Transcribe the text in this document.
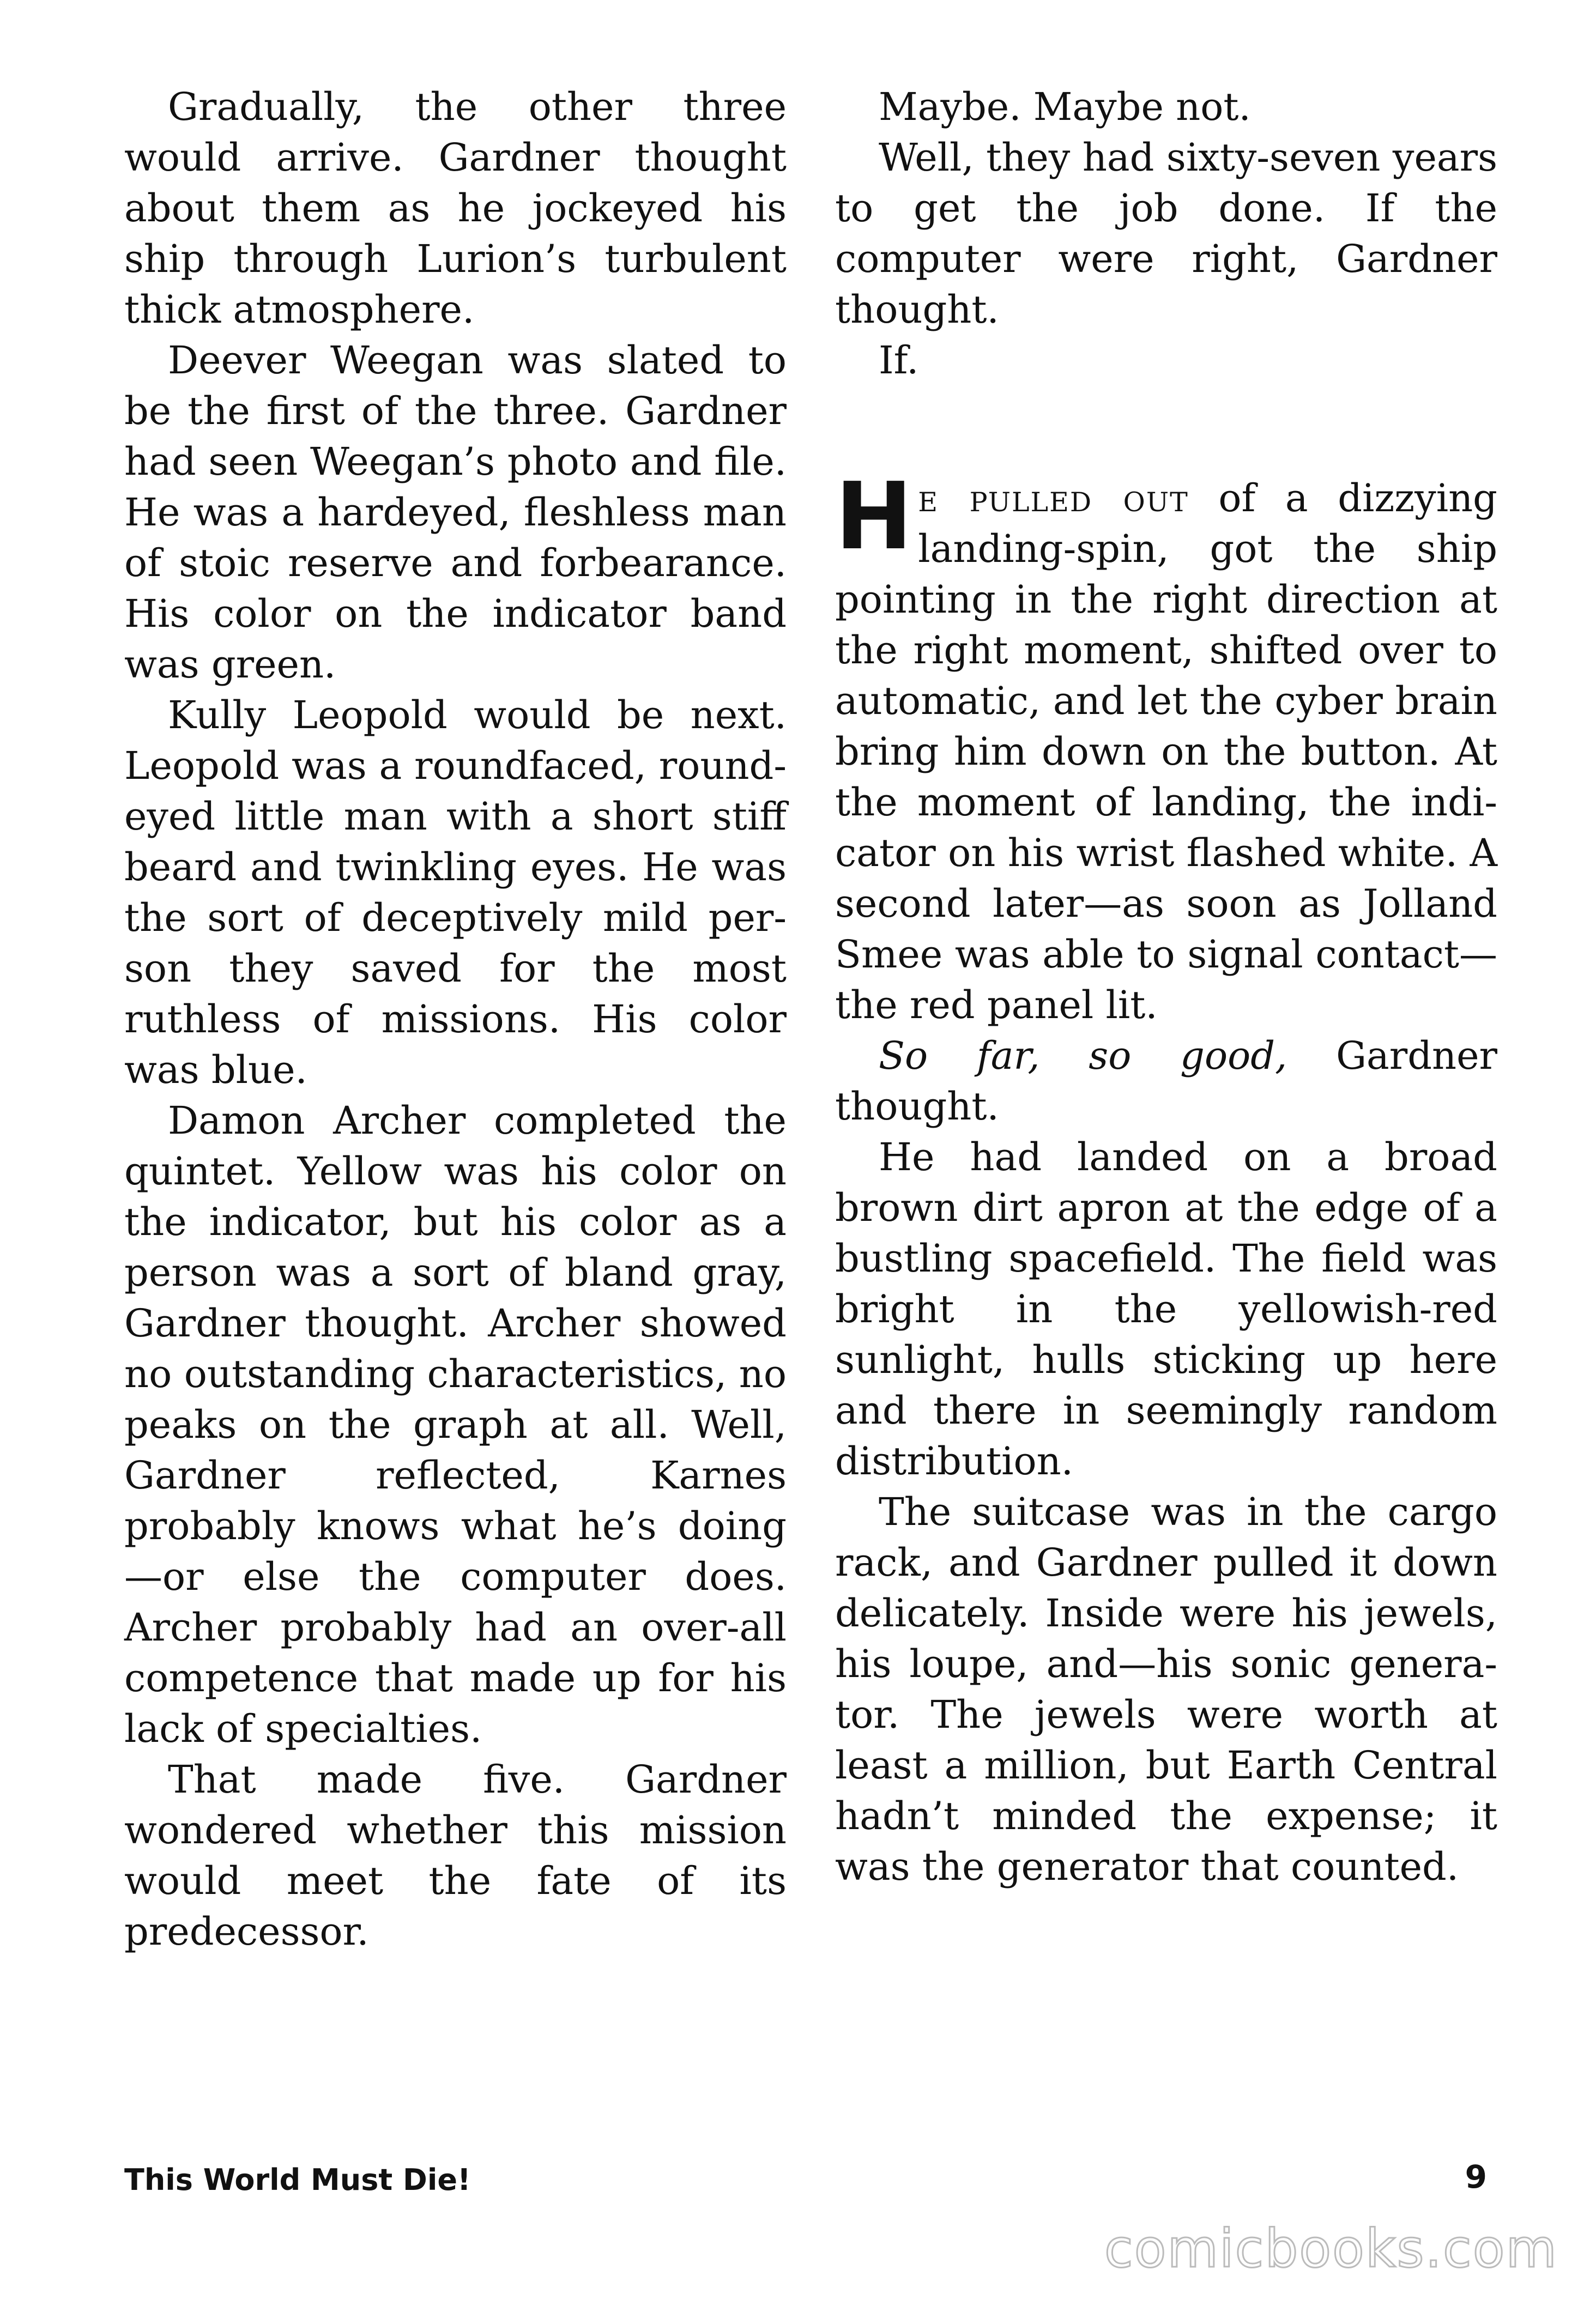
Gradually, the other three would arrive. Gardner thought about them as he jockeyed his ship through Lurion’s turbulent thick atmosphere.

Deever Weegan was slated to be the first of the three. Gardner had seen Weegan’s photo and file. He was a hardeyed, fleshless man of stoic reserve and forbearance. His color on the indicator band was green.

Kully Leopold would be next. Leopold was a roundfaced, round-eyed little man with a short stiff beard and twinkling eyes. He was the sort of deceptively mild person they saved for the most ruthless of missions. His color was blue.

Damon Archer completed the quintet. Yellow was his color on the indicator, but his color as a person was a sort of bland gray, Gardner thought. Archer showed no outstanding characteristics, no peaks on the graph at all. Well, Gardner reflected, Karnes probably knows what he’s doing—or else the computer does. Archer probably had an over-all competence that made up for his lack of specialties.

That made five. Gardner wondered whether this mission would meet the fate of its predecessor.

Maybe. Maybe not.

Well, they had sixty-seven years to get the job done. If the computer were right, Gardner thought.

If.

He pulled out of a dizzying landing-spin, got the ship pointing in the right direction at the right moment, shifted over to automatic, and let the cyber brain bring him down on the button. At the moment of landing, the indicator on his wrist flashed white. A second later—as soon as Jolland Smee was able to signal contact—the red panel lit.

So far, so good, Gardner thought.

He had landed on a broad brown dirt apron at the edge of a bustling spacefield. The field was bright in the yellowish-red sunlight, hulls sticking up here and there in seemingly random distribution.

The suitcase was in the cargo rack, and Gardner pulled it down delicately. Inside were his jewels, his loupe, and—his sonic generator. The jewels were worth at least a million, but Earth Central hadn’t minded the expense; it was the generator that counted.

This World Must Die!	9
comicbooks.com
